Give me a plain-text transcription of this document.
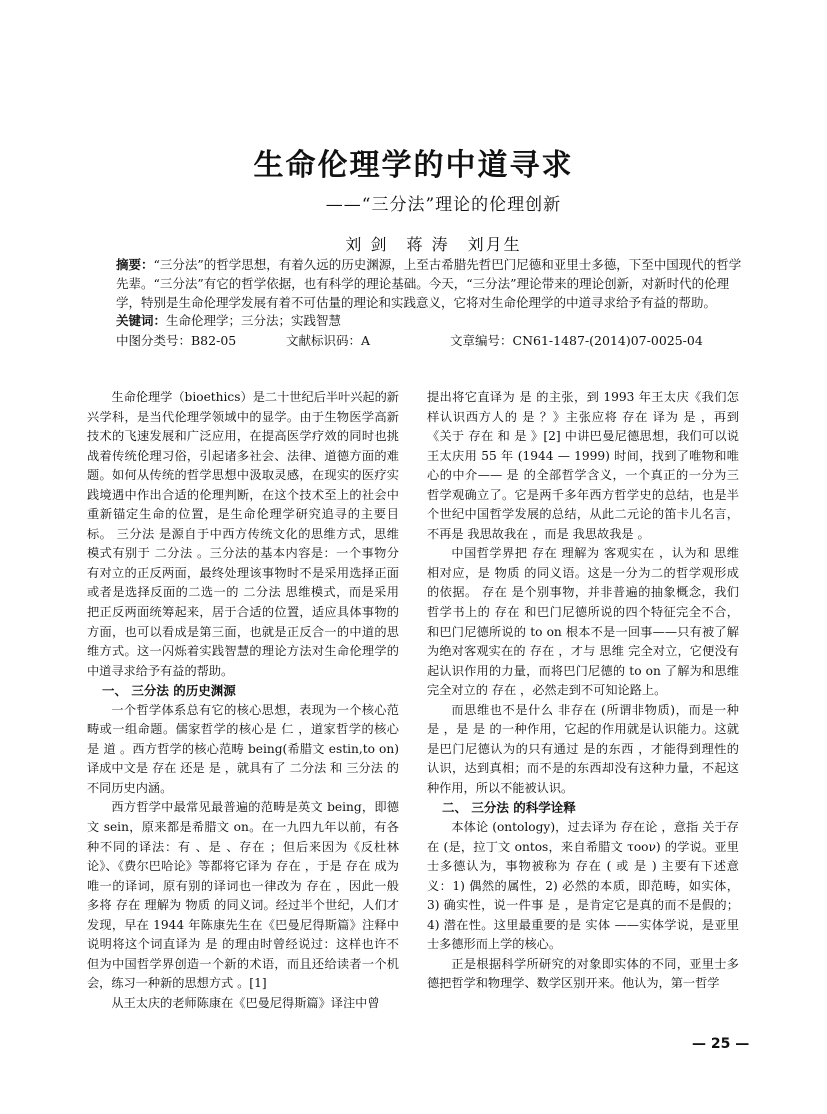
生命伦理学的中道寻求
——“三分法”理论的伦理创新
刘 剑　蒋 涛　刘月生
摘要：“三分法”的哲学思想，有着久远的历史渊源，上至古希腊先哲巴门尼德和亚里士多德，下至中国现代的哲学先辈。“三分法”有它的哲学依据，也有科学的理论基础。今天，“三分法”理论带来的理论创新，对新时代的伦理学，特别是生命伦理学发展有着不可估量的理论和实践意义，它将对生命伦理学的中道寻求给予有益的帮助。
关键词：生命伦理学；三分法；实践智慧
中图分类号：B82-05	文献标识码：A	文章编号：CN61-1487-(2014)07-0025-04

生命伦理学（bioethics）是二十世纪后半叶兴起的新兴学科，是当代伦理学领域中的显学。由于生物医学高新技术的飞速发展和广泛应用，在提高医学疗效的同时也挑战着传统伦理习俗，引起诸多社会、法律、道德方面的难题。如何从传统的哲学思想中汲取灵感，在现实的医疗实践境遇中作出合适的伦理判断，在这个技术至上的社会中重新锚定生命的位置，是生命伦理学研究追寻的主要目标。 三分法 是源自于中西方传统文化的思维方式，思维模式有别于 二分法 。三分法的基本内容是：一个事物分有对立的正反两面，最终处理该事物时不是采用选择正面或者是选择反面的二选一的 二分法 思维模式，而是采用把正反两面统筹起来，居于合适的位置，适应具体事物的方面，也可以看成是第三面，也就是正反合一的中道的思维方式。这一闪烁着实践智慧的理论方法对生命伦理学的中道寻求给予有益的帮助。

一、 三分法 的历史渊源

一个哲学体系总有它的核心思想，表现为一个核心范畴或一组命题。儒家哲学的核心是 仁 ，道家哲学的核心是 道 。西方哲学的核心范畴 being(希腊文 estin,to on) 译成中文是 存在 还是 是 ，就具有了 二分法 和 三分法 的不同历史内涵。

西方哲学中最常见最普遍的范畴是英文 being，即德文 sein，原来都是希腊文 on。在一九四九年以前，有各种不同的译法：有 、是 、存在 ；但后来因为《反杜林论》、《费尔巴哈论》等都将它译为 存在 ，于是 存在 成为唯一的译词，原有别的译词也一律改为 存在 ，因此一般多将 存在 理解为 物质 的同义词。经过半个世纪，人们才发现，早在 1944 年陈康先生在《巴曼尼得斯篇》注释中说明将这个词直译为 是 的理由时曾经说过：这样也许不但为中国哲学界创造一个新的术语，而且还给读者一个机会，练习一种新的思想方式 。[1]

从王太庆的老师陈康在《巴曼尼得斯篇》译注中曾

提出将它直译为 是 的主张，到 1993 年王太庆《我们怎样认识西方人的 是 ？》主张应将 存在 译为 是 ，再到《关于 存在 和 是 》[2] 中讲巴曼尼德思想，我们可以说王太庆用 55 年 (1944 — 1999) 时间，找到了唯物和唯心的中介—— 是 的全部哲学含义，一个真正的一分为三哲学观确立了。它是两千多年西方哲学史的总结，也是半个世纪中国哲学发展的总结，从此二元论的笛卡儿名言，不再是 我思故我在 ，而是 我思故我是 。

中国哲学界把 存在 理解为 客观实在 ，认为和 思维 相对应，是 物质 的同义语。这是一分为二的哲学观形成的依据。 存在 是个别事物，并非普遍的抽象概念，我们哲学书上的 存在 和巴门尼德所说的四个特征完全不合，和巴门尼德所说的 to on 根本不是一回事——只有被了解为绝对客观实在的 存在 ，才与 思维 完全对立，它便没有起认识作用的力量，而将巴门尼德的 to on 了解为和思维完全对立的 存在 ，必然走到不可知论路上。

而思维也不是什么 非存在 (所谓非物质)，而是一种 是 ，是 是 的一种作用，它起的作用就是认识能力。这就是巴门尼德认为的只有通过 是的东西 ，才能得到理性的认识，达到真相；而不是的东西却没有这种力量，不起这种作用，所以不能被认识。

二、 三分法 的科学诠释

本体论 (ontology)，过去译为 存在论 ，意指 关于存在 (是，拉丁文 ontos，来自希腊文 τοον) 的学说。亚里士多德认为，事物被称为 存在 ( 或 是 ) 主要有下述意义：1) 偶然的属性，2) 必然的本质，即范畴，如实体，3) 确实性，说一件事 是 ，是肯定它是真的而不是假的；4) 潜在性。这里最重要的是 实体 ——实体学说，是亚里士多德形而上学的核心。

正是根据科学所研究的对象即实体的不同，亚里士多德把哲学和物理学、数学区别开来。他认为，第一哲学

— 25 —
